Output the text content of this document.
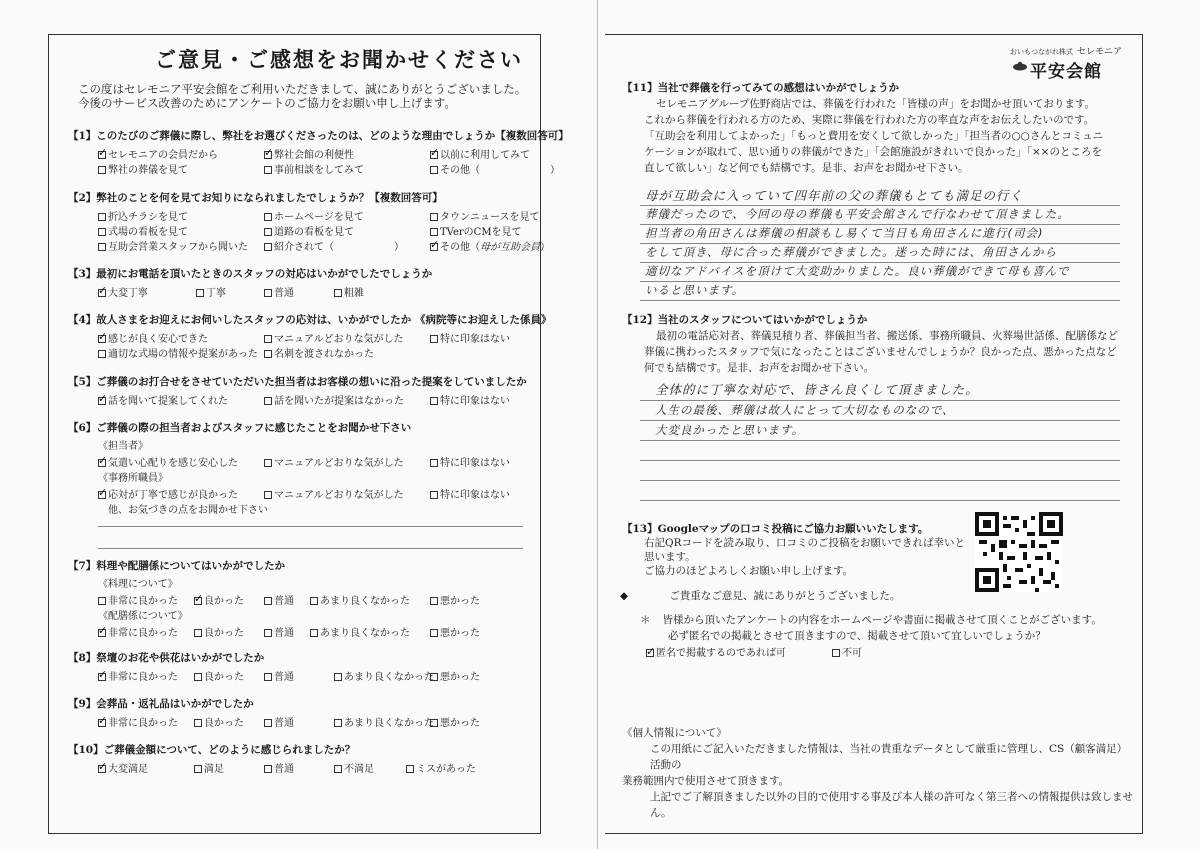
ご意見・ご感想をお聞かせください
この度はセレモニア平安会館をご利用いただきまして、誠にありがとうございました。
今後のサービス改善のためにアンケートのご協力をお願い申し上げます。
【1】このたびのご葬儀に際し、弊社をお選びくださったのは、どのような理由でしょうか【複数回答可】
✓セレモニアの会員だから ✓	弊社会館の利便性 ✓	以前に利用してみて
弊社の葬儀を見て	事前相談をしてみて	その他（	）
【2】弊社のことを何を見てお知りになられましたでしょうか？【複数回答可】
折込チラシを見て	ホームページを見て	タウンニュースを見て
式場の看板を見て	道路の看板を見て	TVerのCMを見て
互助会営業スタッフから聞いた	紹介されて（	） ✓	その他（母が互助会員）
【3】最初にお電話を頂いたときのスタッフの対応はいかがでしたでしょうか
✓大変丁寧	丁寧	普通	粗雑
【4】故人さまをお迎えにお伺いしたスタッフの応対は、いかがでしたか 《病院等にお迎えした係員》
✓感じが良く安心できた	マニュアルどおりな気がした	特に印象はない
適切な式場の情報や提案があった	名刺を渡されなかった
【5】ご葬儀のお打合せをさせていただいた担当者はお客様の想いに沿った提案をしていましたか
✓話を聞いて提案してくれた	話を聞いたが提案はなかった	特に印象はない
【6】ご葬儀の際の担当者およびスタッフに感じたことをお聞かせ下さい
《担当者》
✓気遣い心配りを感じ安心した	マニュアルどおりな気がした	特に印象はない
《事務所職員》
✓応対が丁寧で感じが良かった	マニュアルどおりな気がした	特に印象はない
他、お気づきの点をお聞かせ下さい
【7】料理や配膳係についてはいかがでしたか
《料理について》
非常に良かった ✓	良かった	普通	あまり良くなかった	悪かった
《配膳係について》
✓非常に良かった	良かった	普通	あまり良くなかった	悪かった
【8】祭壇のお花や供花はいかがでしたか
✓非常に良かった	良かった	普通	あまり良くなかった 悪かった
【9】会葬品・返礼品はいかがでしたか
✓非常に良かった	良かった	普通	あまり良くなかった 悪かった
【10】ご葬儀金額について、どのように感じられましたか？
✓大変満足	満足	普通	不満足	ミスがあった
おいもつながれ株式 セレモニア
平安会館
【11】当社で葬儀を行ってみての感想はいかがでしょうか
セレモニアグループ佐野商店では、葬儀を行われた「皆様の声」をお聞かせ頂いております。
これから葬儀を行われる方のため、実際に葬儀を行われた方の率直な声をお伝えしたいのです。
「互助会を利用してよかった」「もっと費用を安くして欲しかった」「担当者の○○さんとコミュニ
ケーションが取れて、思い通りの葬儀ができた」「会館施設がきれいで良かった」「××のところを
直して欲しい」など何でも結構です。是非、お声をお聞かせ下さい。
母が互助会に入っていて四年前の父の葬儀もとても満足の行く
葬儀だったので、今回の母の葬儀も平安会館さんで行なわせて頂きました。
担当者の角田さんは葬儀の相談もし易くて当日も角田さんに進行(司会)
をして頂き、母に合った葬儀ができました。迷った時には、角田さんから
適切なアドバイスを頂けて大変助かりました。良い葬儀ができて母も喜んで
いると思います。
【12】当社のスタッフについてはいかがでしょうか
最初の電話応対者、葬儀見積り者、葬儀担当者、搬送係、事務所職員、火葬場世話係、配膳係など
葬儀に携わったスタッフで気になったことはございませんでしょうか？良かった点、悪かった点など
何でも結構です。是非、お声をお聞かせ下さい。
全体的に丁寧な対応で、皆さん良くして頂きました。
人生の最後、葬儀は故人にとって大切なものなので、
大変良かったと思います。
【13】Googleマップの口コミ投稿にご協力お願いいたします。
右記QRコードを読み取り、口コミのご投稿をお願いできれば幸いと思います。
ご協力のほどよろしくお願い申し上げます。
◆	ご貴重なご意見、誠にありがとうございました。
＊ 皆様から頂いたアンケートの内容をホームページや書面に掲載させて頂くことがございます。
必ず匿名での掲載とさせて頂きますので、掲載させて頂いて宜しいでしょうか？
✓匿名で掲載するのであれば可	不可
《個人情報について》
この用紙にご記入いただきました情報は、当社の貴重なデータとして厳重に管理し、CS（顧客満足）活動の
業務範囲内で使用させて頂きます。
上記でご了解頂きました以外の目的で使用する事及び本人様の許可なく第三者への情報提供は致しません。
